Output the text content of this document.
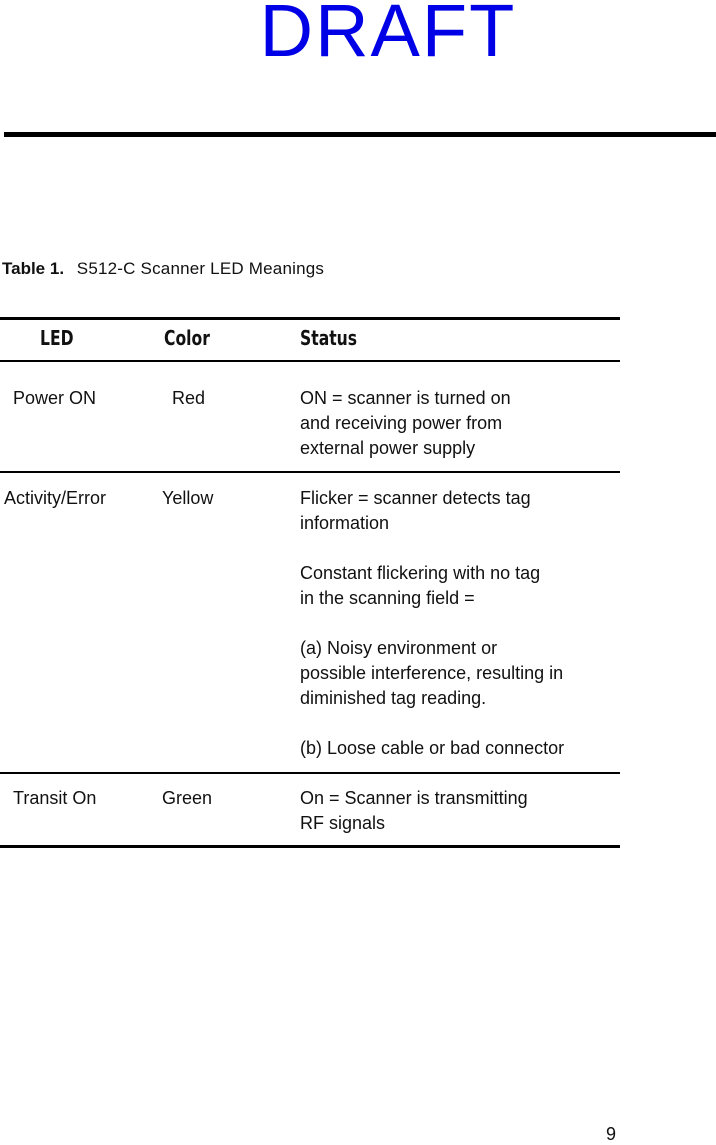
DRAFT
Table 1. S512-C Scanner LED Meanings
LED	Color	Status
Power ON	Red	ON = scanner is turned on
and receiving power from
external power supply
Activity/Error	Yellow	Flicker = scanner detects tag
information
Constant flickering with no tag
in the scanning field =
(a) Noisy environment or
possible interference, resulting in
diminished tag reading.
(b) Loose cable or bad connector
Transit On	Green	On = Scanner is transmitting
RF signals
9
